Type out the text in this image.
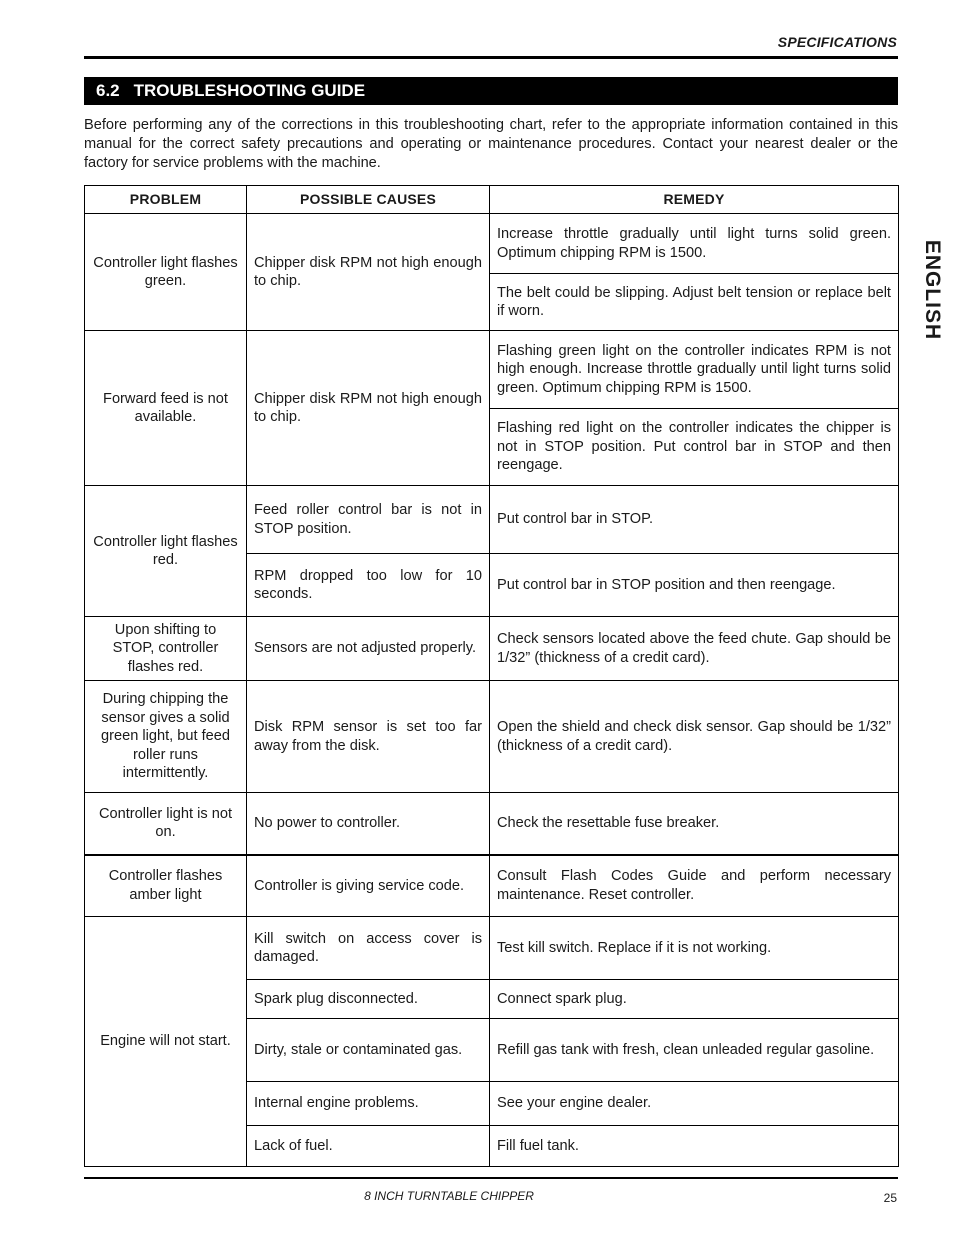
SPECIFICATIONS
6.2 TROUBLESHOOTING GUIDE

Before performing any of the corrections in this troubleshooting chart, refer to the appropriate information contained in this manual for the correct safety precautions and operating or maintenance procedures. Contact your nearest dealer or the factory for service problems with the machine.

ENGLISH
PROBLEM	POSSIBLE CAUSES	REMEDY
Controller light flashes green.	Chipper disk RPM not high enough to chip.	Increase throttle gradually until light turns solid green. Optimum chipping RPM is 1500.
		The belt could be slipping. Adjust belt tension or replace belt if worn.
Forward feed is not available.	Chipper disk RPM not high enough to chip.	Flashing green light on the controller indicates RPM is not high enough. Increase throttle gradually until light turns solid green. Optimum chipping RPM is 1500.
		Flashing red light on the controller indicates the chipper is not in STOP position. Put control bar in STOP and then reengage.
Controller light flashes red.	Feed roller control bar is not in STOP position.	Put control bar in STOP.
	RPM dropped too low for 10 seconds.	Put control bar in STOP position and then reengage.
Upon shifting to STOP, controller flashes red.	Sensors are not adjusted properly.	Check sensors located above the feed chute. Gap should be 1/32” (thickness of a credit card).
During chipping the sensor gives a solid green light, but feed roller runs intermittently.	Disk RPM sensor is set too far away from the disk.	Open the shield and check disk sensor. Gap should be 1/32” (thickness of a credit card).
Controller light is not on.	No power to controller.	Check the resettable fuse breaker.
Controller flashes amber light	Controller is giving service code.	Consult Flash Codes Guide and perform necessary maintenance. Reset controller.
Engine will not start.	Kill switch on access cover is damaged.	Test kill switch. Replace if it is not working.
	Spark plug disconnected.	Connect spark plug.
	Dirty, stale or contaminated gas.	Refill gas tank with fresh, clean unleaded regular gasoline.
	Internal engine problems.	See your engine dealer.
	Lack of fuel.	Fill fuel tank.
8 INCH TURNTABLE CHIPPER	25
